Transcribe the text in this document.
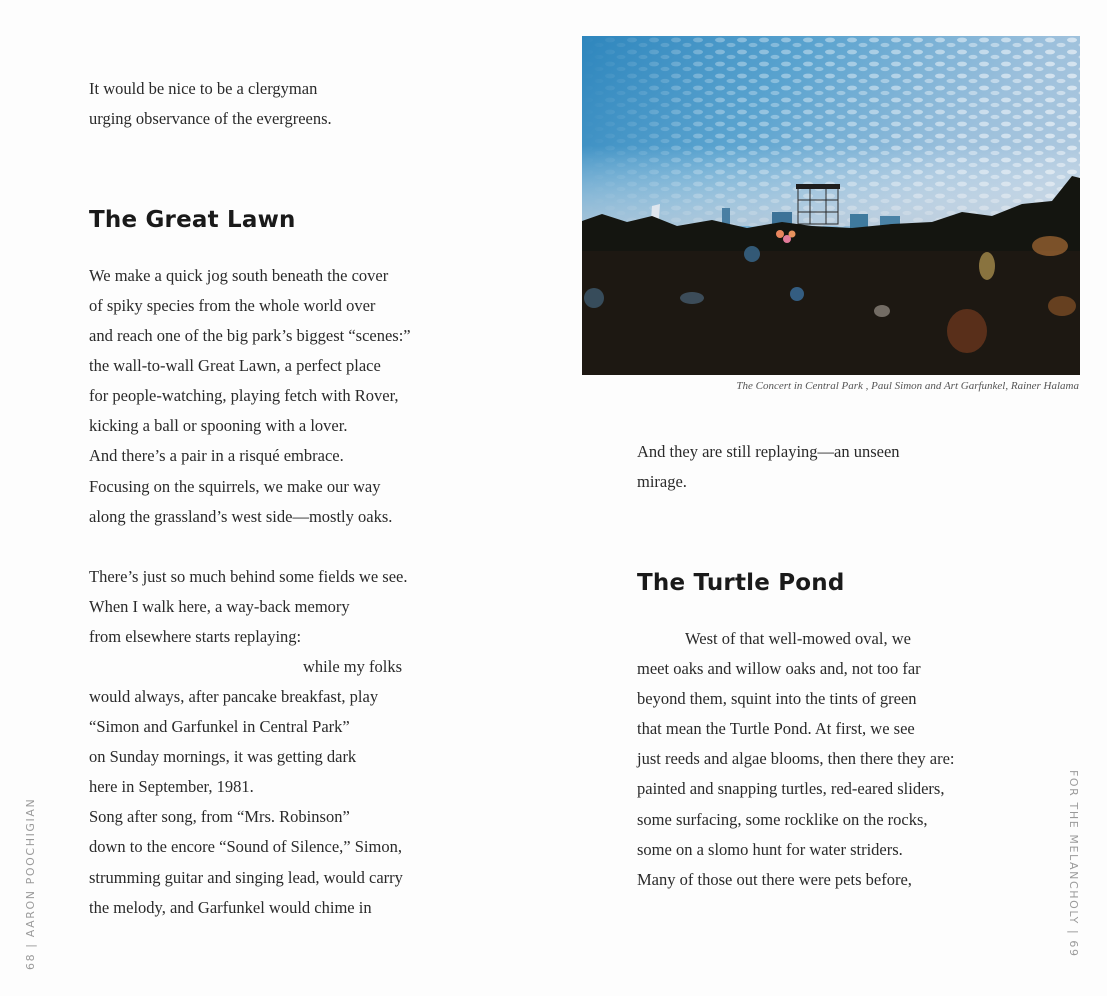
It would be nice to be a clergyman
urging observance of the evergreens.
The Great Lawn
We make a quick jog south beneath the cover
of spiky species from the whole world over
and reach one of the big park’s biggest “scenes:”
the wall-to-wall Great Lawn, a perfect place
for people-watching, playing fetch with Rover,
kicking a ball or spooning with a lover.
And there’s a pair in a risqué embrace.
Focusing on the squirrels, we make our way
along the grassland’s west side—mostly oaks.
There’s just so much behind some fields we see.
When I walk here, a way-back memory
from elsewhere starts replaying:
while my folks
would always, after pancake breakfast, play
“Simon and Garfunkel in Central Park”
on Sunday mornings, it was getting dark
here in September, 1981.
Song after song, from “Mrs. Robinson”
down to the encore “Sound of Silence,” Simon,
strumming guitar and singing lead, would carry
the melody, and Garfunkel would chime in
68 | AARON POOCHIGIAN
The Concert in Central Park , Paul Simon and Art Garfunkel, Rainer Halama
And they are still replaying—an unseen
mirage.
The Turtle Pond
West of that well-mowed oval, we
meet oaks and willow oaks and, not too far
beyond them, squint into the tints of green
that mean the Turtle Pond. At first, we see
just reeds and algae blooms, then there they are:
painted and snapping turtles, red-eared sliders,
some surfacing, some rocklike on the rocks,
some on a slomo hunt for water striders.
Many of those out there were pets before,	FOR THE MELANCHOLY | 69
